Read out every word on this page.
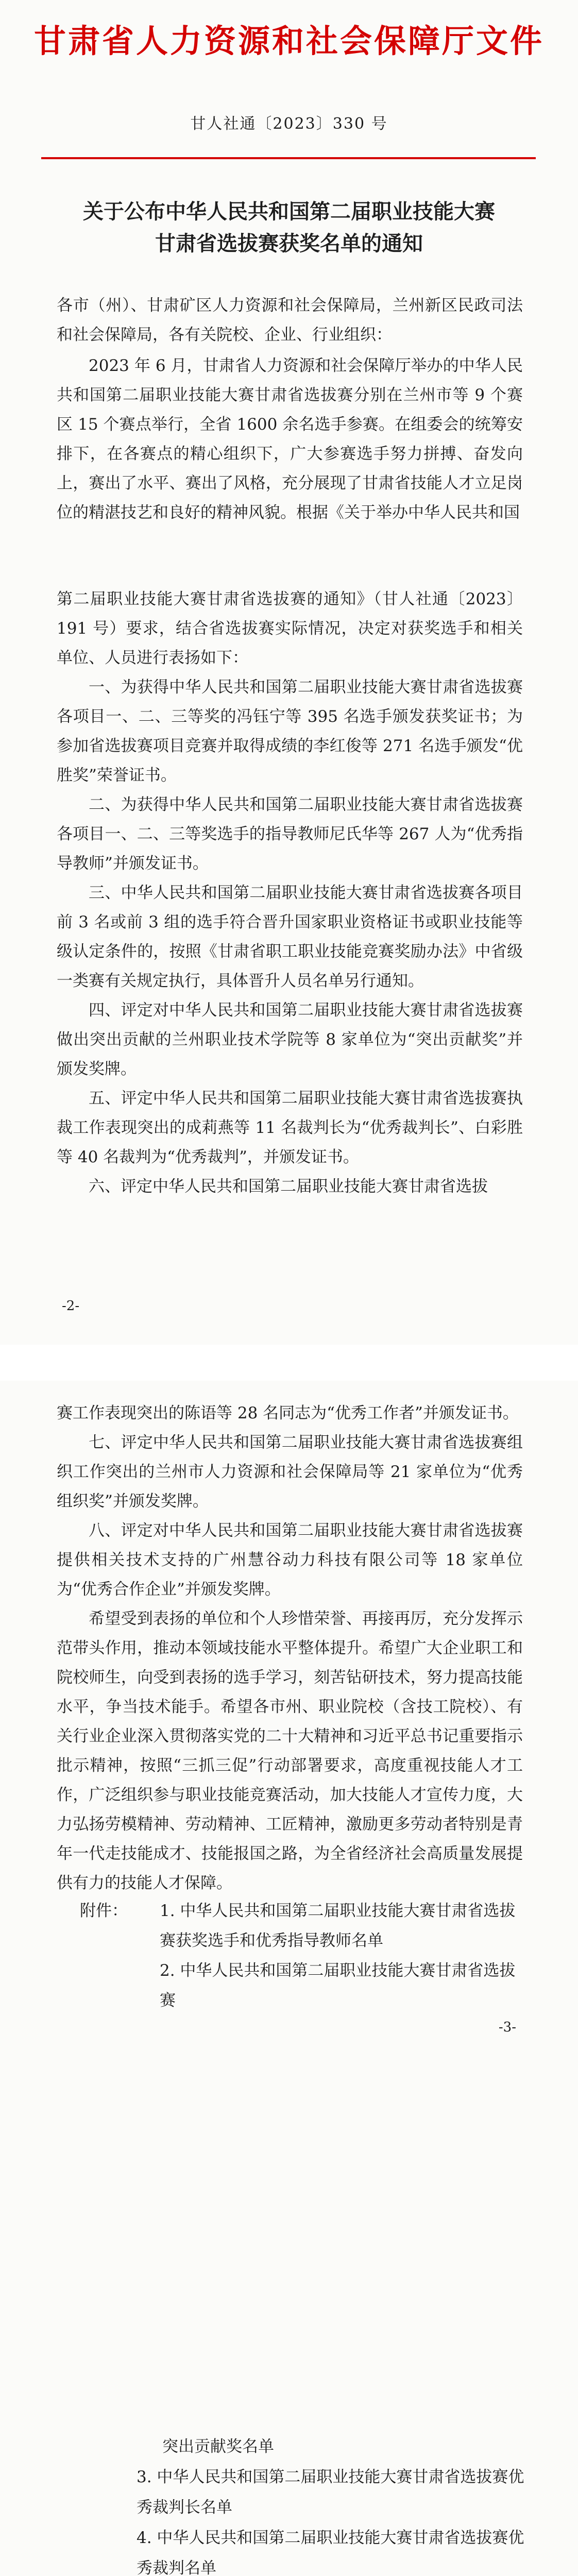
甘肃省人力资源和社会保障厅文件
甘人社通〔2023〕330 号
关于公布中华人民共和国第二届职业技能大赛
甘肃省选拔赛获奖名单的通知
各市（州）、甘肃矿区人力资源和社会保障局，兰州新区民政司法和社会保障局，各有关院校、企业、行业组织：

2023 年 6 月，甘肃省人力资源和社会保障厅举办的中华人民共和国第二届职业技能大赛甘肃省选拔赛分别在兰州市等 9 个赛区 15 个赛点举行，全省 1600 余名选手参赛。在组委会的统筹安排下，在各赛点的精心组织下，广大参赛选手努力拼搏、奋发向上，赛出了水平、赛出了风格，充分展现了甘肃省技能人才立足岗位的精湛技艺和良好的精神风貌。根据《关于举办中华人民共和国

第二届职业技能大赛甘肃省选拔赛的通知》（甘人社通〔2023〕191 号）要求，结合省选拔赛实际情况，决定对获奖选手和相关单位、人员进行表扬如下：

一、为获得中华人民共和国第二届职业技能大赛甘肃省选拔赛各项目一、二、三等奖的冯钰宁等 395 名选手颁发获奖证书；为参加省选拔赛项目竞赛并取得成绩的李红俊等 271 名选手颁发“优胜奖”荣誉证书。

二、为获得中华人民共和国第二届职业技能大赛甘肃省选拔赛各项目一、二、三等奖选手的指导教师尼氏华等 267 人为“优秀指导教师”并颁发证书。

三、中华人民共和国第二届职业技能大赛甘肃省选拔赛各项目前 3 名或前 3 组的选手符合晋升国家职业资格证书或职业技能等级认定条件的，按照《甘肃省职工职业技能竞赛奖励办法》中省级一类赛有关规定执行，具体晋升人员名单另行通知。

四、评定对中华人民共和国第二届职业技能大赛甘肃省选拔赛做出突出贡献的兰州职业技术学院等 8 家单位为“突出贡献奖”并颁发奖牌。

五、评定中华人民共和国第二届职业技能大赛甘肃省选拔赛执裁工作表现突出的成莉燕等 11 名裁判长为“优秀裁判长”、白彩胜等 40 名裁判为“优秀裁判”，并颁发证书。

六、评定中华人民共和国第二届职业技能大赛甘肃省选拔

-2-

赛工作表现突出的陈语等 28 名同志为“优秀工作者”并颁发证书。

七、评定中华人民共和国第二届职业技能大赛甘肃省选拔赛组织工作突出的兰州市人力资源和社会保障局等 21 家单位为“优秀组织奖”并颁发奖牌。

八、评定对中华人民共和国第二届职业技能大赛甘肃省选拔赛提供相关技术支持的广州慧谷动力科技有限公司等 18 家单位为“优秀合作企业”并颁发奖牌。

希望受到表扬的单位和个人珍惜荣誉、再接再厉，充分发挥示范带头作用，推动本领域技能水平整体提升。希望广大企业职工和院校师生，向受到表扬的选手学习，刻苦钻研技术，努力提高技能水平，争当技术能手。希望各市州、职业院校（含技工院校）、有关行业企业深入贯彻落实党的二十大精神和习近平总书记重要指示批示精神，按照“三抓三促”行动部署要求，高度重视技能人才工作，广泛组织参与职业技能竞赛活动，加大技能人才宣传力度，大力弘扬劳模精神、劳动精神、工匠精神，激励更多劳动者特别是青年一代走技能成才、技能报国之路，为全省经济社会高质量发展提供有力的技能人才保障。

附件： 1. 中华人民共和国第二届职业技能大赛甘肃省选拔赛获奖选手和优秀指导教师名单
2. 中华人民共和国第二届职业技能大赛甘肃省选拔赛
-3-
突出贡献奖名单
3. 中华人民共和国第二届职业技能大赛甘肃省选拔赛优秀裁判长名单
4. 中华人民共和国第二届职业技能大赛甘肃省选拔赛优秀裁判名单
